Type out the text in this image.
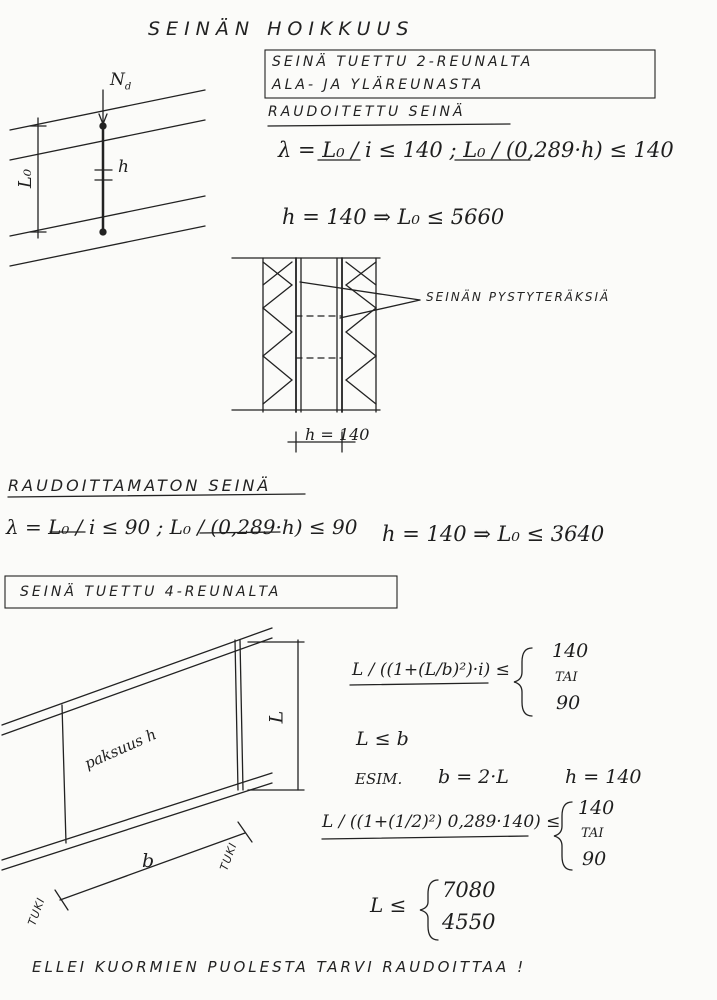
SEINÄN HOIKKUUS
SEINÄ TUETTU 2-REUNALTA
ALA- JA YLÄREUNASTA
RAUDOITETTU SEINÄ
$N_d$
L₀
h
λ = L₀ / i ≤ 140 ; L₀ / (0,289·h) ≤ 140
h = 140 ⇒ L₀ ≤ 5660
SEINÄN PYSTYTERÄKSIÄ
h = 140
RAUDOITTAMATON SEINÄ
λ = L₀ / i ≤ 90 ; L₀ / (0,289·h) ≤ 90 h = 140 ⇒ L₀ ≤ 3640
SEINÄ TUETTU 4-REUNALTA
paksuus h
b
L
TUKI
TUKI
L / ((1+(L/b)²)·i) ≤
140
TAI
90
L ≤ b
ESIM. b = 2·L	h = 140
L / ((1+(1/2)²) 0,289·140) ≤
140
TAI
90
L ≤
7080
4550
ELLEI KUORMIEN PUOLESTA TARVI RAUDOITTAA !
